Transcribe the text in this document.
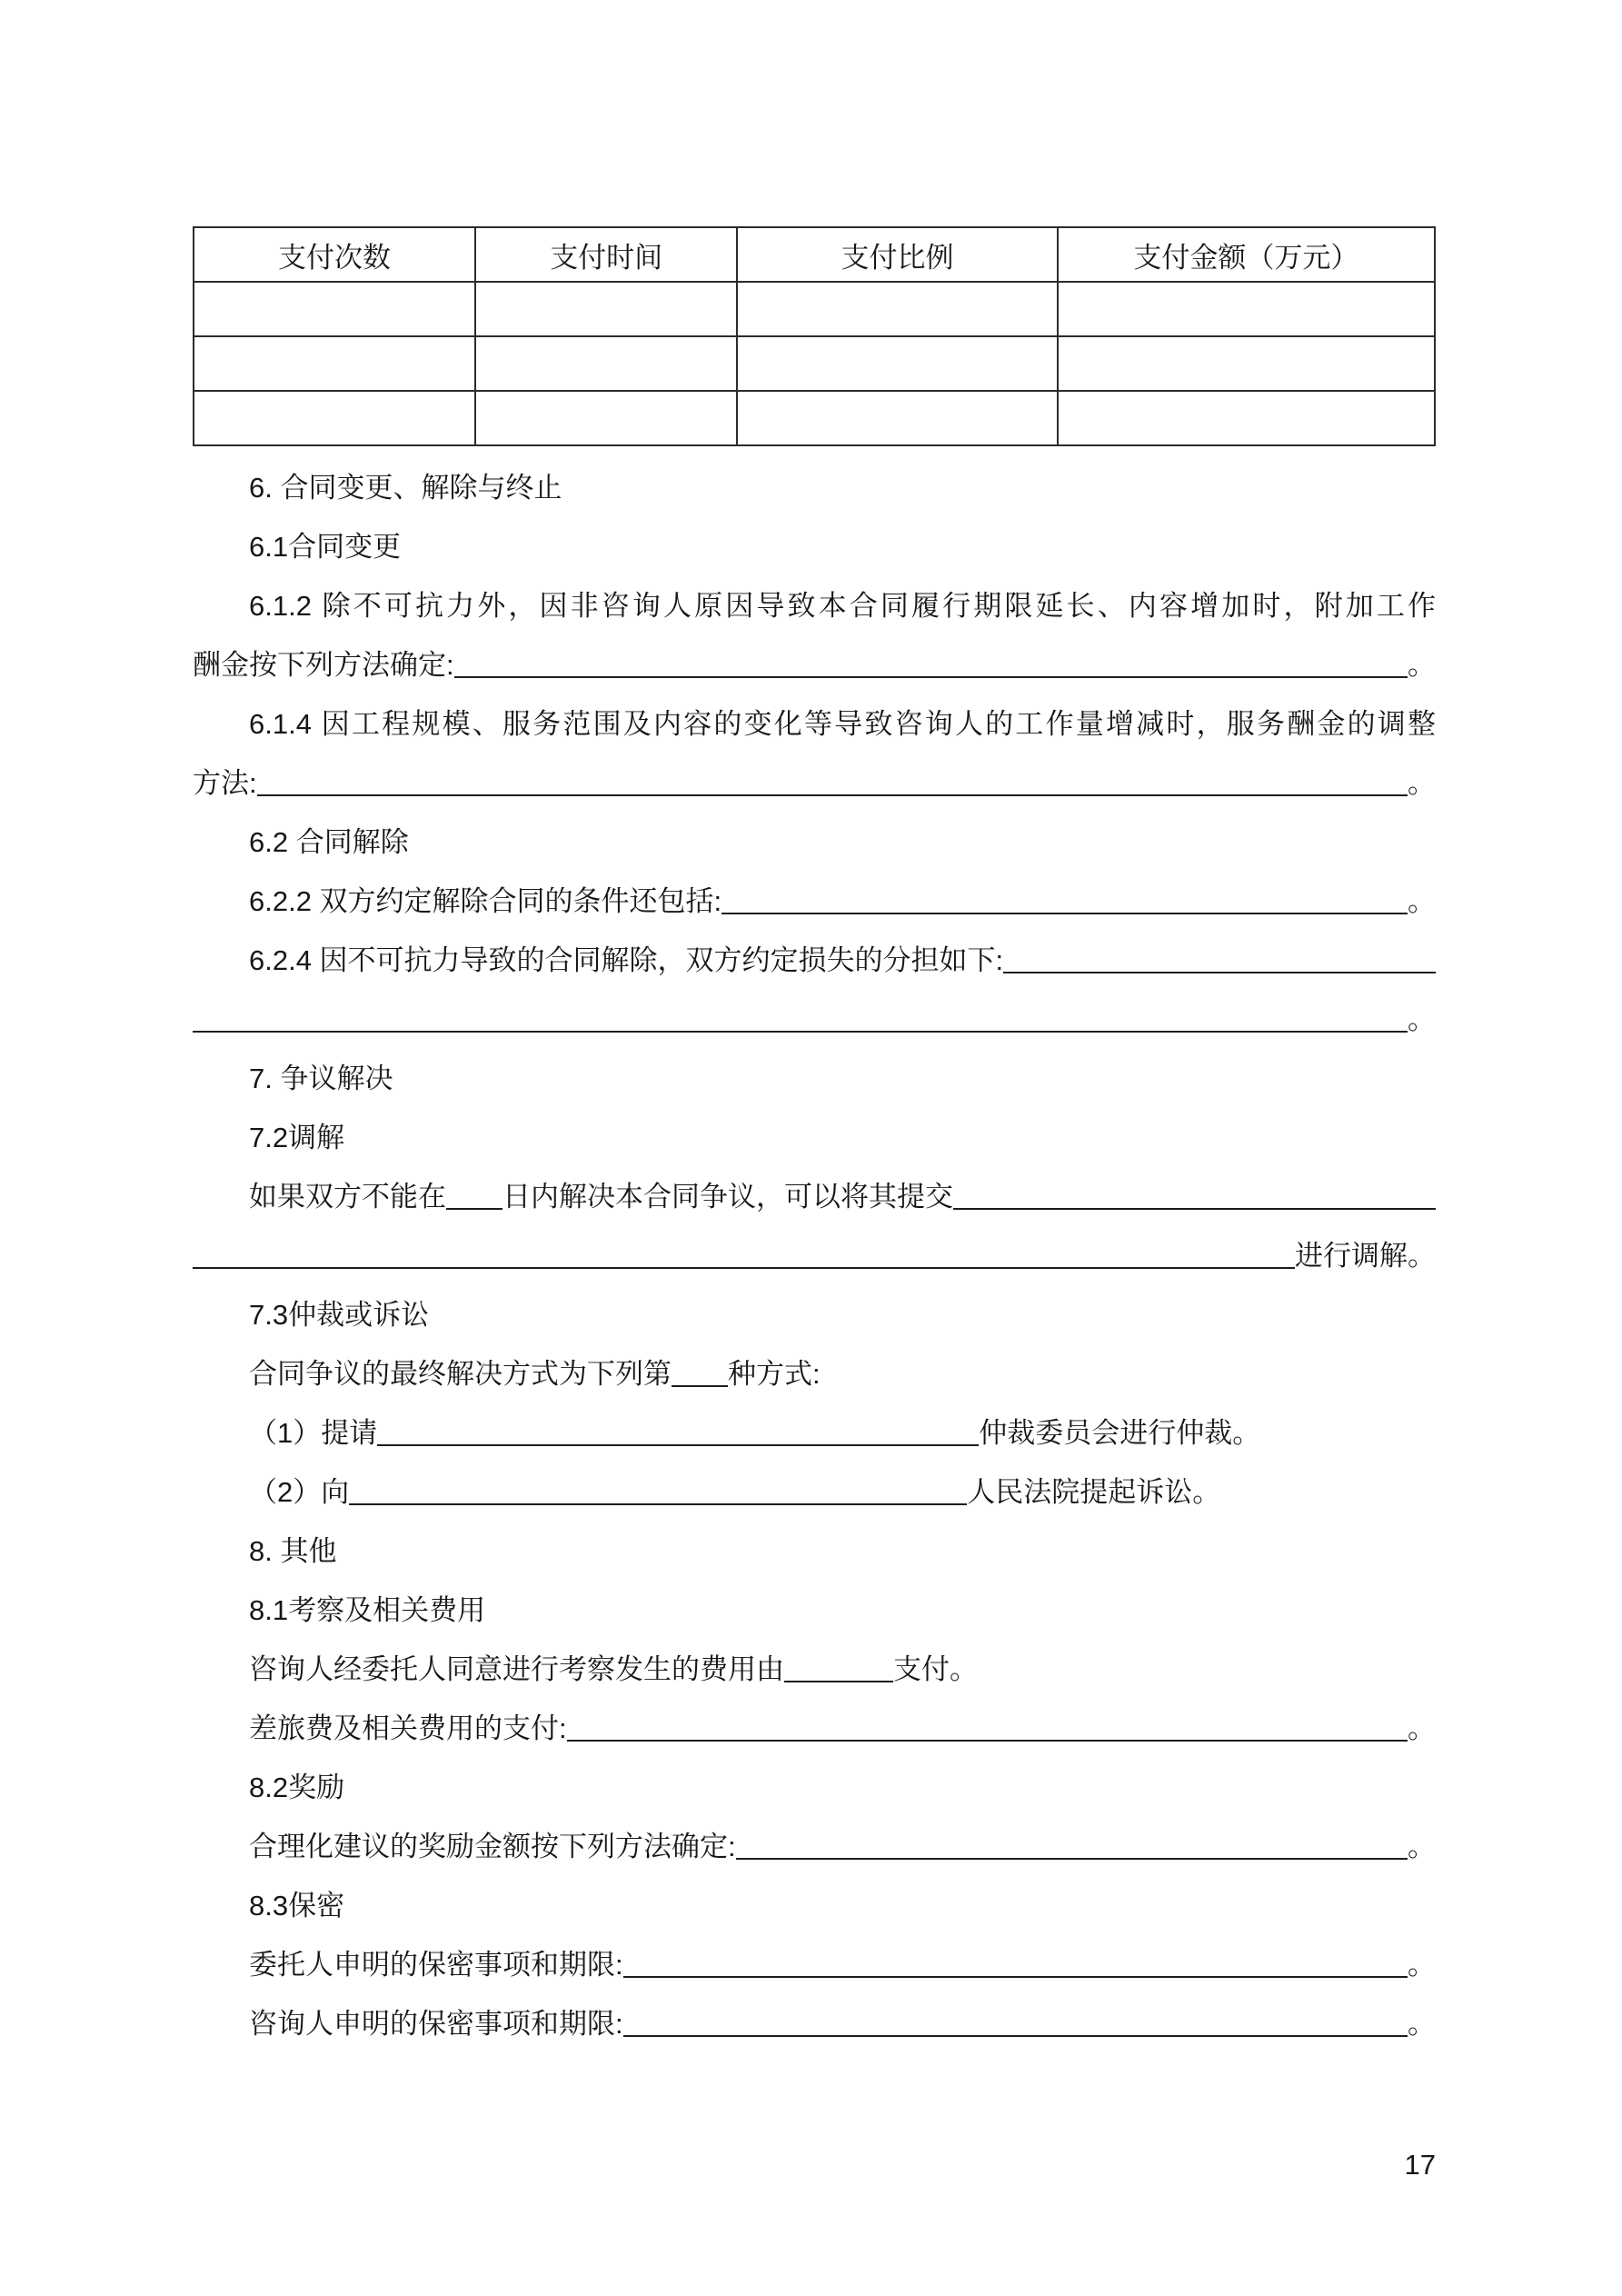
支付次数	支付时间	支付比例	支付金额（万元）

6. 合同变更、解除与终止
6.1合同变更
6.1.2 除不可抗力外，因非咨询人原因导致本合同履行期限延长、内容增加时，附加工作
酬金按下列方法确定:	。
6.1.4 因工程规模、服务范围及内容的变化等导致咨询人的工作量增减时，服务酬金的调整
方法:	。
6.2 合同解除
6.2.2 双方约定解除合同的条件还包括:	。
6.2.4 因不可抗力导致的合同解除，双方约定损失的分担如下:
。
7. 争议解决
7.2调解
如果双方不能在 日内解决本合同争议，可以将其提交
进行调解。
7.3仲裁或诉讼
合同争议的最终解决方式为下列第 种方式:
（1）提请	仲裁委员会进行仲裁。
（2）向	人民法院提起诉讼。
8. 其他
8.1考察及相关费用
咨询人经委托人同意进行考察发生的费用由	支付。
差旅费及相关费用的支付:	。
8.2奖励
合理化建议的奖励金额按下列方法确定:	。
8.3保密
委托人申明的保密事项和期限:	。
咨询人申明的保密事项和期限:	。
17
